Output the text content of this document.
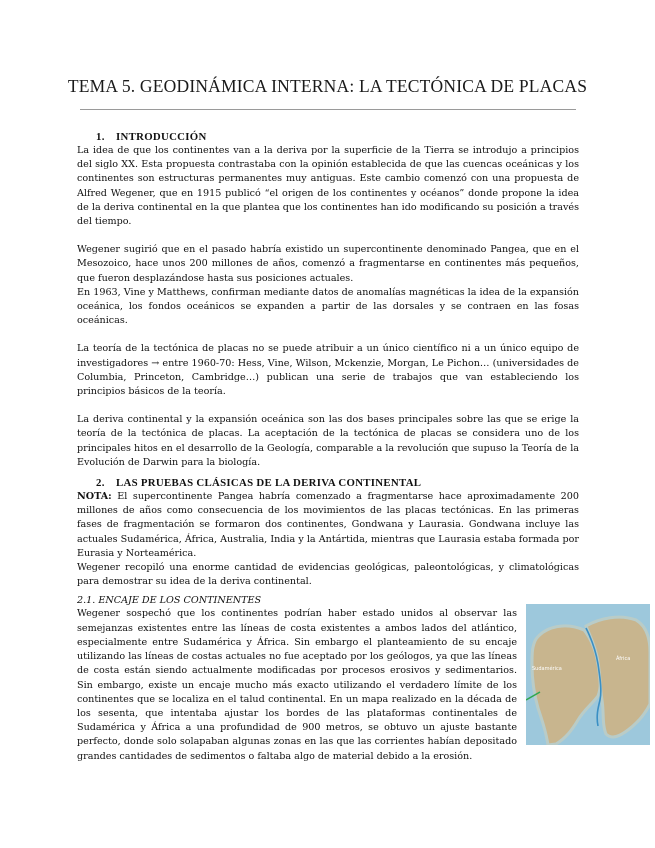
TEMA 5. GEODINÁMICA INTERNA: LA TECTÓNICA DE PLACAS
1. INTRODUCCIÓN

La idea de que los continentes van a la deriva por la superficie de la Tierra se introdujo a principios del siglo XX. Esta propuesta contrastaba con la opinión establecida de que las cuencas oceánicas y los continentes son estructuras permanentes muy antiguas. Este cambio comenzó con una propuesta de Alfred Wegener, que en 1915 publicó “el origen de los continentes y océanos” donde propone la idea de la deriva continental en la que plantea que los continentes han ido modificando su posición a través del tiempo.

Wegener sugirió que en el pasado habría existido un supercontinente denominado Pangea, que en el Mesozoico, hace unos 200 millones de años, comenzó a fragmentarse en continentes más pequeños, que fueron desplazándose hasta sus posiciones actuales.

En 1963, Vine y Matthews, confirman mediante datos de anomalías magnéticas la idea de la expansión oceánica, los fondos oceánicos se expanden a partir de las dorsales y se contraen en las fosas oceánicas.

La teoría de la tectónica de placas no se puede atribuir a un único científico ni a un único equipo de investigadores → entre 1960-70: Hess, Vine, Wilson, Mckenzie, Morgan, Le Pichon… (universidades de Columbia, Princeton, Cambridge…) publican una serie de trabajos que van estableciendo los principios básicos de la teoría.

La deriva continental y la expansión oceánica son las dos bases principales sobre las que se erige la teoría de la tectónica de placas. La aceptación de la tectónica de placas se considera uno de los principales hitos en el desarrollo de la Geología, comparable a la revolución que supuso la Teoría de la Evolución de Darwin para la biología.

2. LAS PRUEBAS CLÁSICAS DE LA DERIVA CONTINENTAL

NOTA: El supercontinente Pangea habría comenzado a fragmentarse hace aproximadamente 200 millones de años como consecuencia de los movimientos de las placas tectónicas. En las primeras fases de fragmentación se formaron dos continentes, Gondwana y Laurasia. Gondwana incluye las actuales Sudamérica, África, Australia, India y la Antártida, mientras que Laurasia estaba formada por Eurasia y Norteamérica.

Wegener recopiló una enorme cantidad de evidencias geológicas, paleontológicas, y climatológicas para demostrar su idea de la deriva continental.

2.1. ENCAJE DE LOS CONTINENTES

Wegener sospechó que los continentes podrían haber estado unidos al observar las semejanzas existentes entre las líneas de costa existentes a ambos lados del atlántico, especialmente entre Sudamérica y África. Sin embargo el planteamiento de su encaje utilizando las líneas de costas actuales no fue aceptado por los geólogos, ya que las líneas de costa están siendo actualmente modificadas por procesos erosivos y sedimentarios. Sin embargo, existe un encaje mucho más exacto utilizando el verdadero límite de los continentes que se localiza en el talud continental. En un mapa realizado en la década de los sesenta, que intentaba ajustar los bordes de las plataformas continentales de Sudamérica y África a una profundidad de 900 metros, se obtuvo un ajuste bastante perfecto, donde solo solapaban algunas zonas en las que las corrientes habían depositado grandes cantidades de sedimentos o faltaba algo de material debido a la erosión.

Sudamérica
África
